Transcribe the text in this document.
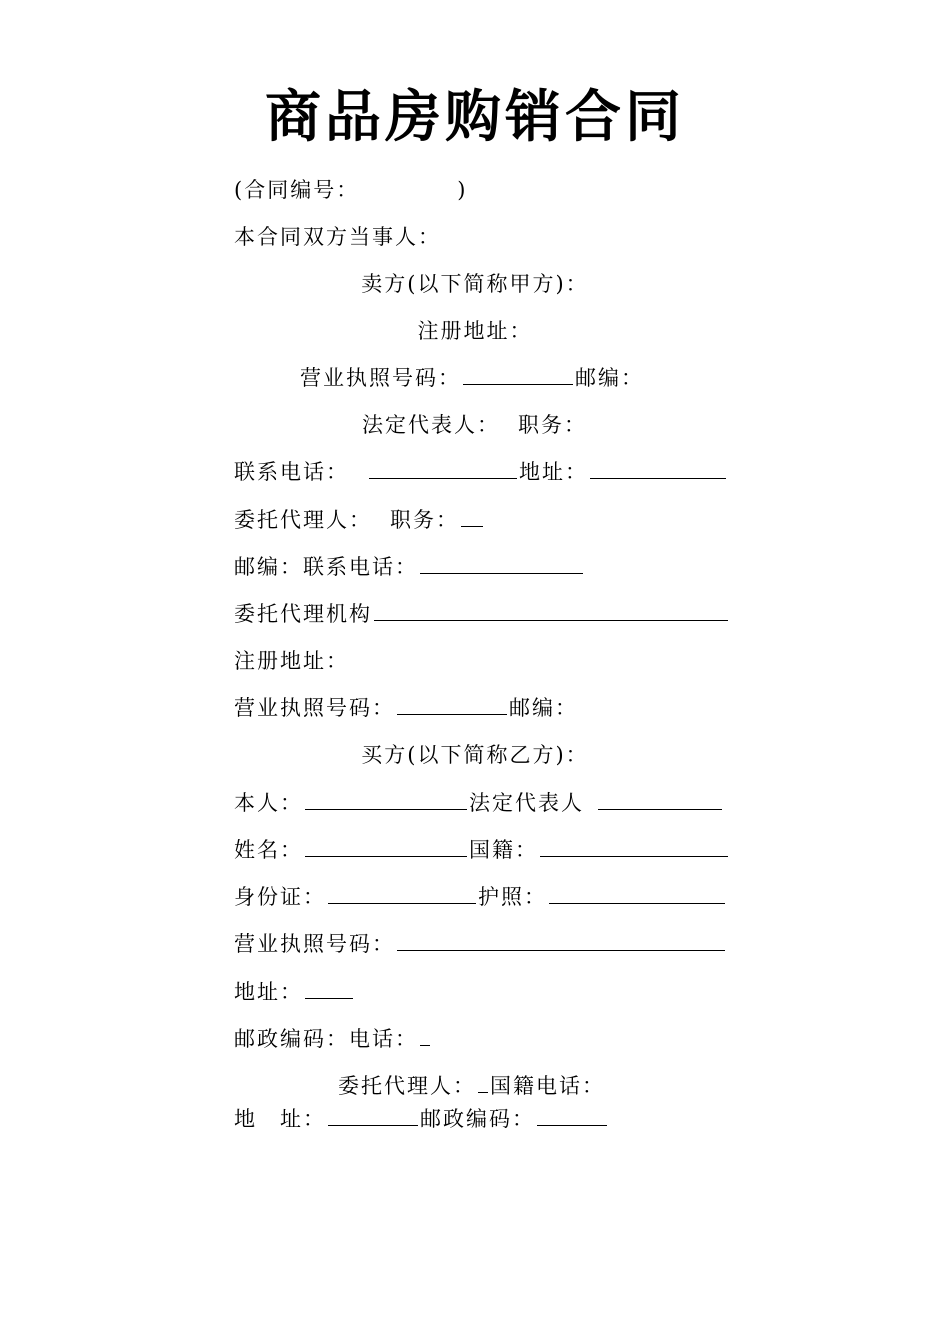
商品房购销合同
(合同编号：	)
本合同双方当事人：
卖方(以下简称甲方)：
注册地址：
营业执照号码：	邮编：
法定代表人： 职务：
联系电话：	地址：
委托代理人： 职务：
邮编：联系电话：
委托代理机构
注册地址：
营业执照号码：	邮编：
买方(以下简称乙方)：
本人：	法定代表人
姓名：	国籍：
身份证：	护照：
营业执照号码：
地址：
邮政编码：电话：
委托代理人： 国籍电话：
地　址：	邮政编码：
